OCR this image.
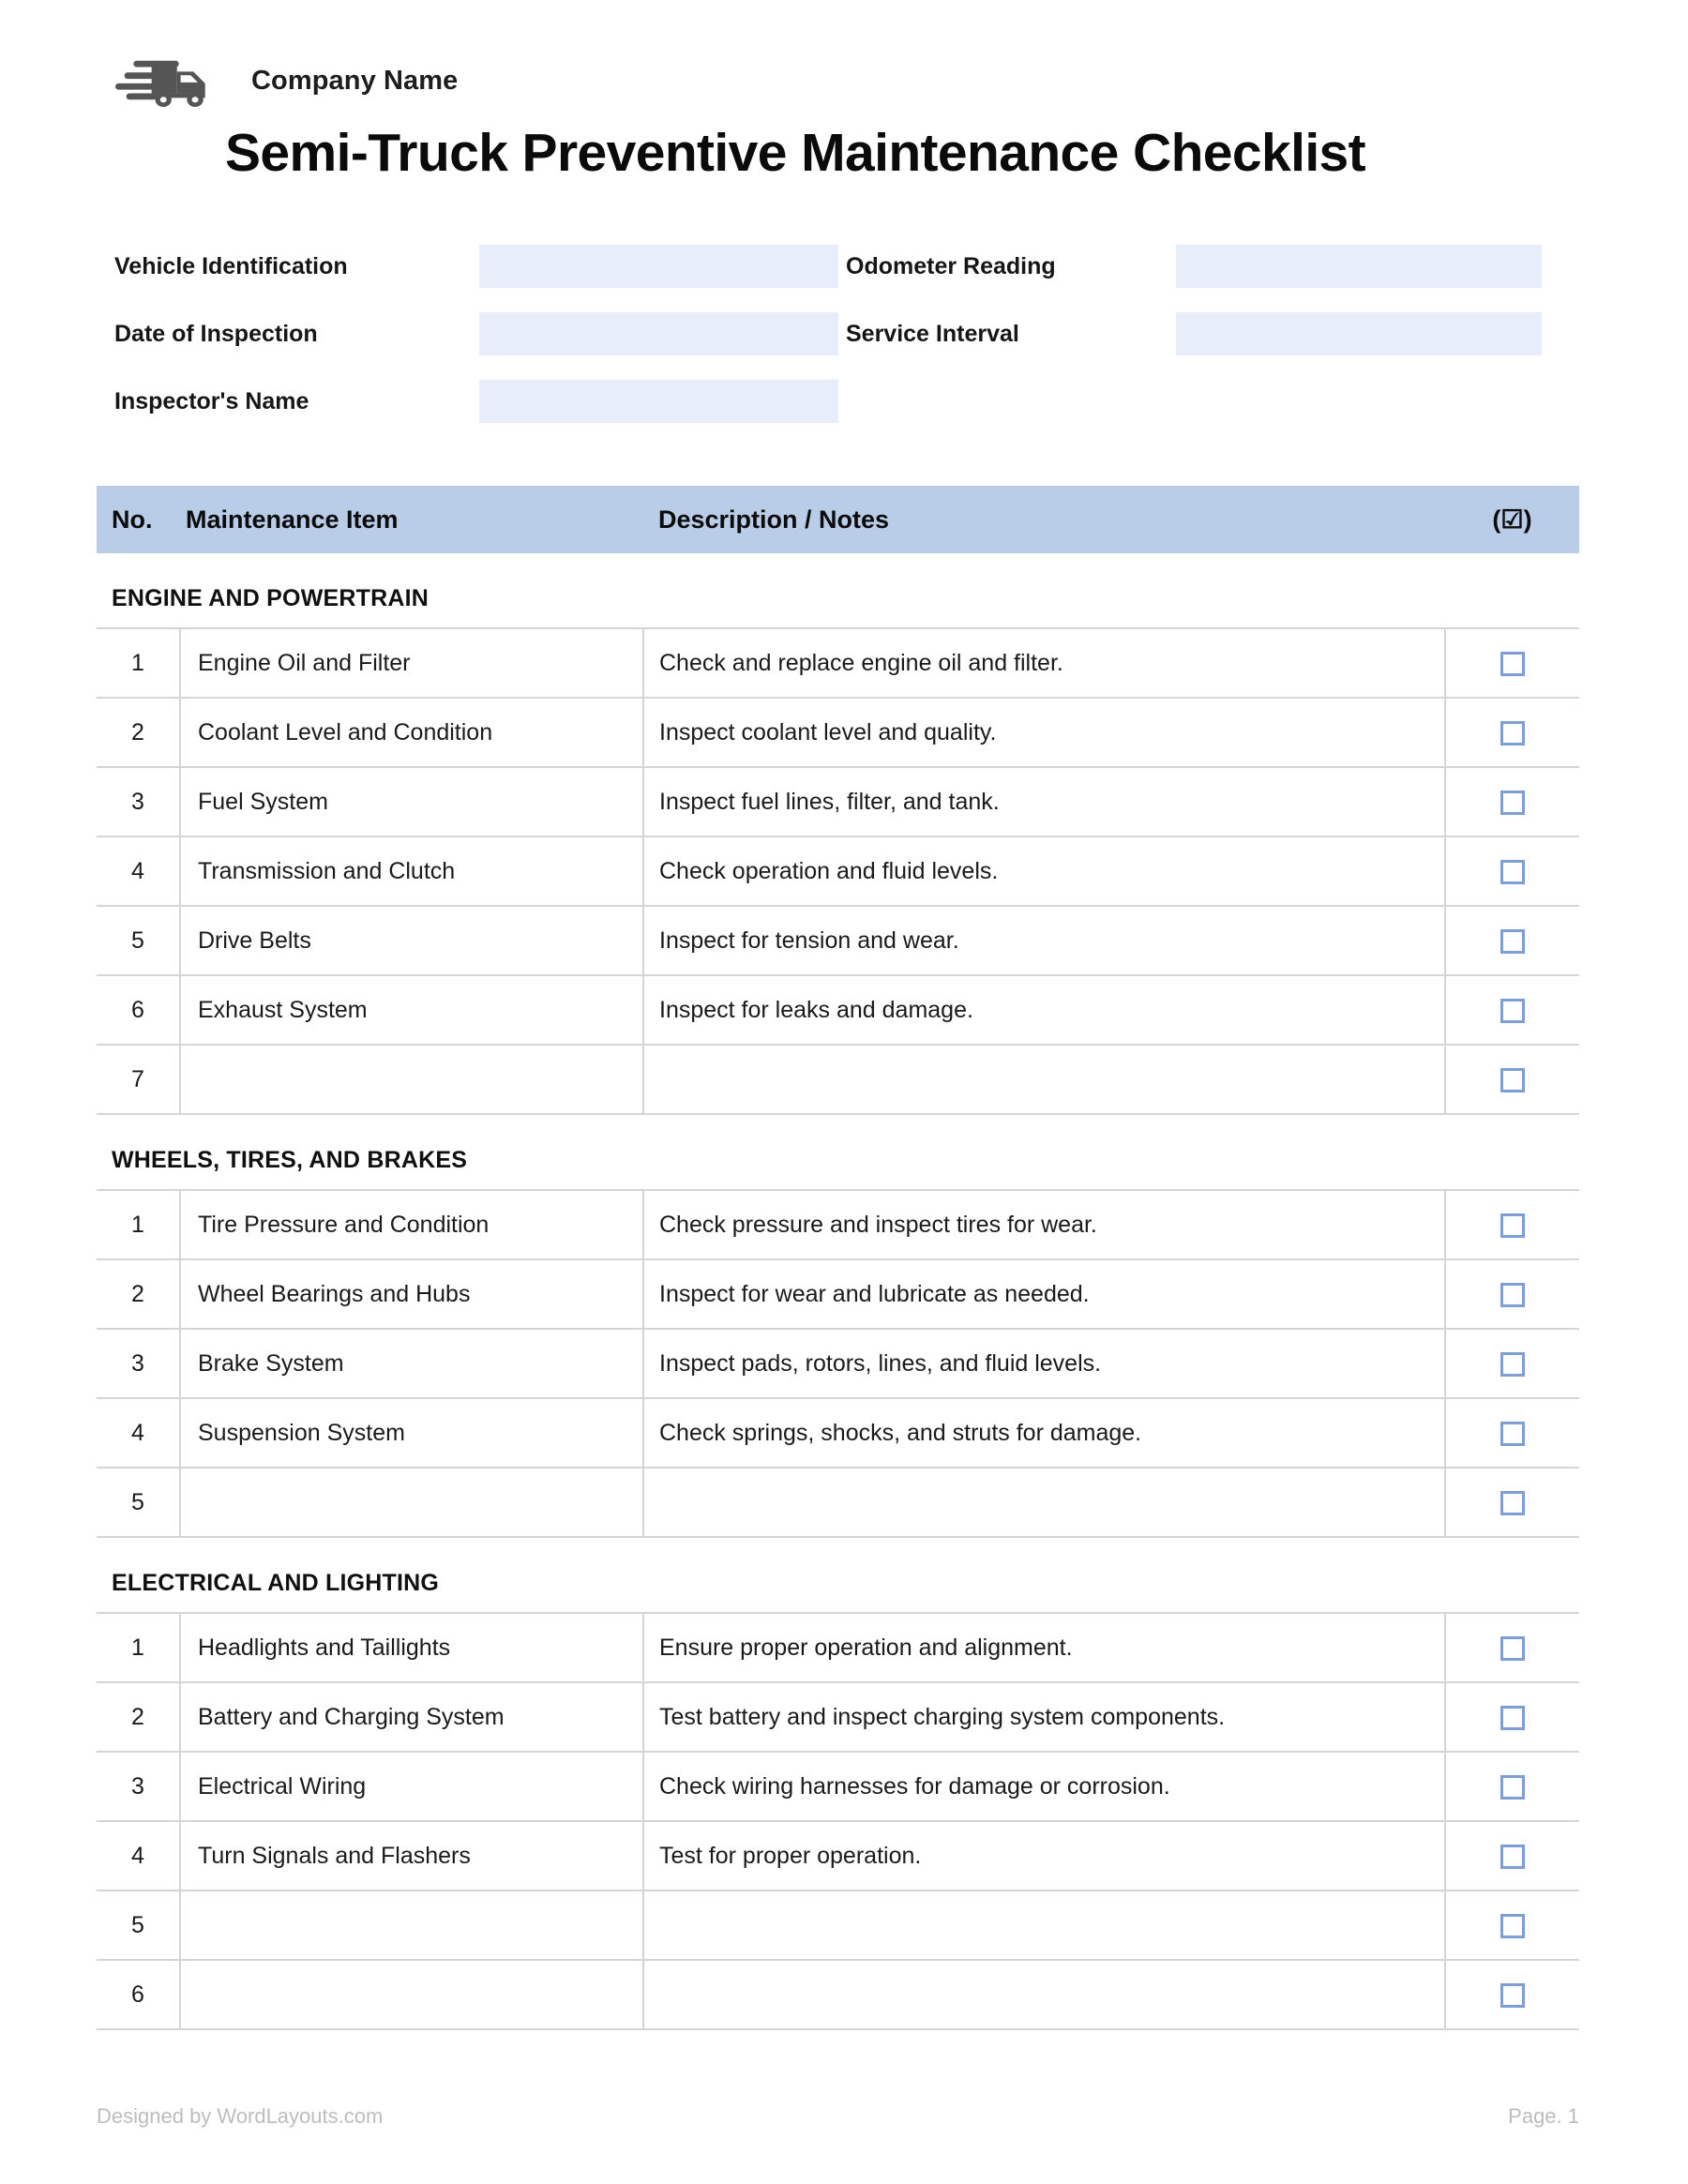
Company Name
Semi-Truck Preventive Maintenance Checklist
Vehicle Identification	Odometer Reading
Date of Inspection	Service Interval
Inspector's Name
No.	Maintenance Item	Description / Notes	(☑)
ENGINE AND POWERTRAIN			
1	Engine Oil and Filter	Check and replace engine oil and filter.	
2	Coolant Level and Condition	Inspect coolant level and quality.	
3	Fuel System	Inspect fuel lines, filter, and tank.	
4	Transmission and Clutch	Check operation and fluid levels.	
5	Drive Belts	Inspect for tension and wear.	
6	Exhaust System	Inspect for leaks and damage.	
7			
WHEELS, TIRES, AND BRAKES			
1	Tire Pressure and Condition	Check pressure and inspect tires for wear.	
2	Wheel Bearings and Hubs	Inspect for wear and lubricate as needed.	
3	Brake System	Inspect pads, rotors, lines, and fluid levels.	
4	Suspension System	Check springs, shocks, and struts for damage.	
5			
ELECTRICAL AND LIGHTING			
1	Headlights and Taillights	Ensure proper operation and alignment.	
2	Battery and Charging System	Test battery and inspect charging system components.	
3	Electrical Wiring	Check wiring harnesses for damage or corrosion.	
4	Turn Signals and Flashers	Test for proper operation.	
5			
6			
Designed by WordLayouts.com	Page. 1
